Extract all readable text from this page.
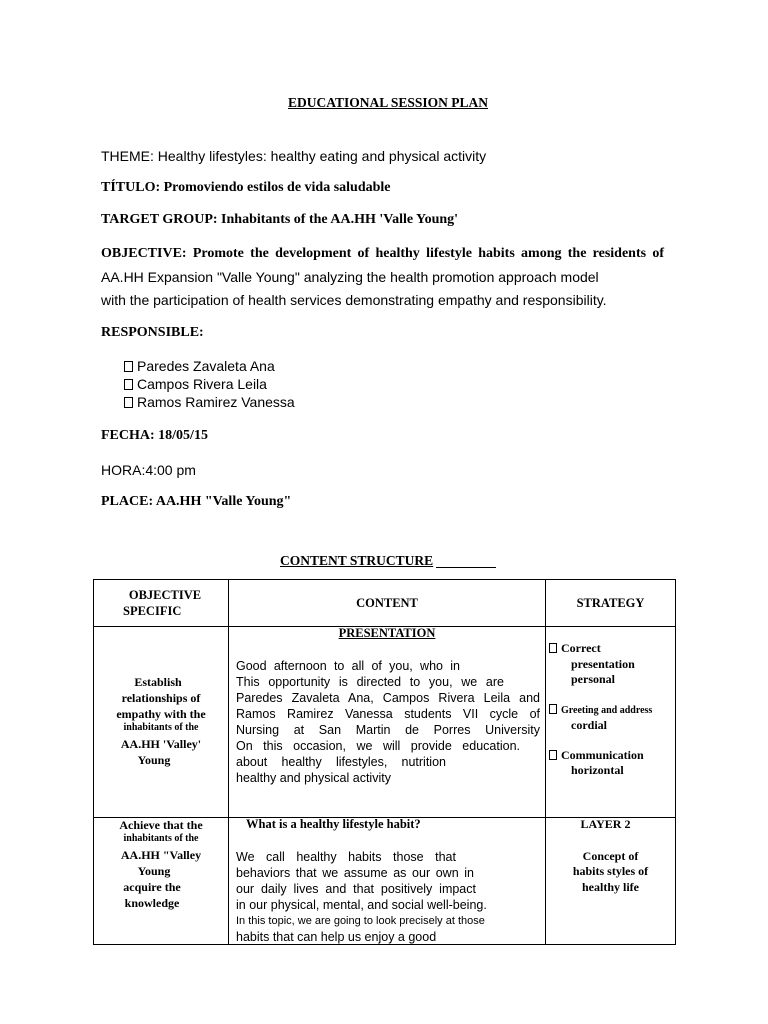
EDUCATIONAL SESSION PLAN
THEME: Healthy lifestyles: healthy eating and physical activity
TÍTULO: Promoviendo estilos de vida saludable
TARGET GROUP: Inhabitants of the AA.HH 'Valle Young'
OBJECTIVE: Promote the development of healthy lifestyle habits among the residents of
AA.HH Expansion "Valle Young" analyzing the health promotion approach model
with the participation of health services demonstrating empathy and responsibility.
RESPONSIBLE:
Paredes Zavaleta Ana
Campos Rivera Leila
Ramos Ramirez Vanessa
FECHA: 18/05/15
HORA:4:00 pm
PLACE: AA.HH "Valle Young"
CONTENT STRUCTURE
OBJECTIVE
SPECIFIC
CONTENT	STRATEGY
Establish
relationships of
empathy with the
inhabitants of the
AA.HH 'Valley'
Young
PRESENTATION
Good afternoon to all of you, who in
This opportunity is directed to you, we are
Paredes Zavaleta Ana, Campos Rivera Leila and
Ramos Ramirez Vanessa students VII cycle of
Nursing at San Martin de Porres University
On this occasion, we will provide education.
about healthy lifestyles, nutrition
healthy and physical activity
Correct
presentation
personal
Greeting and address
cordial
Communication
horizontal
Achieve that the
inhabitants of the
AA.HH "Valley
Young
acquire the
knowledge
What is a healthy lifestyle habit?
We call healthy habits those that
behaviors that we assume as our own in
our daily lives and that positively impact
in our physical, mental, and social well-being.
In this topic, we are going to look precisely at those
habits that can help us enjoy a good
LAYER 2
Concept of
habits styles of
healthy life
